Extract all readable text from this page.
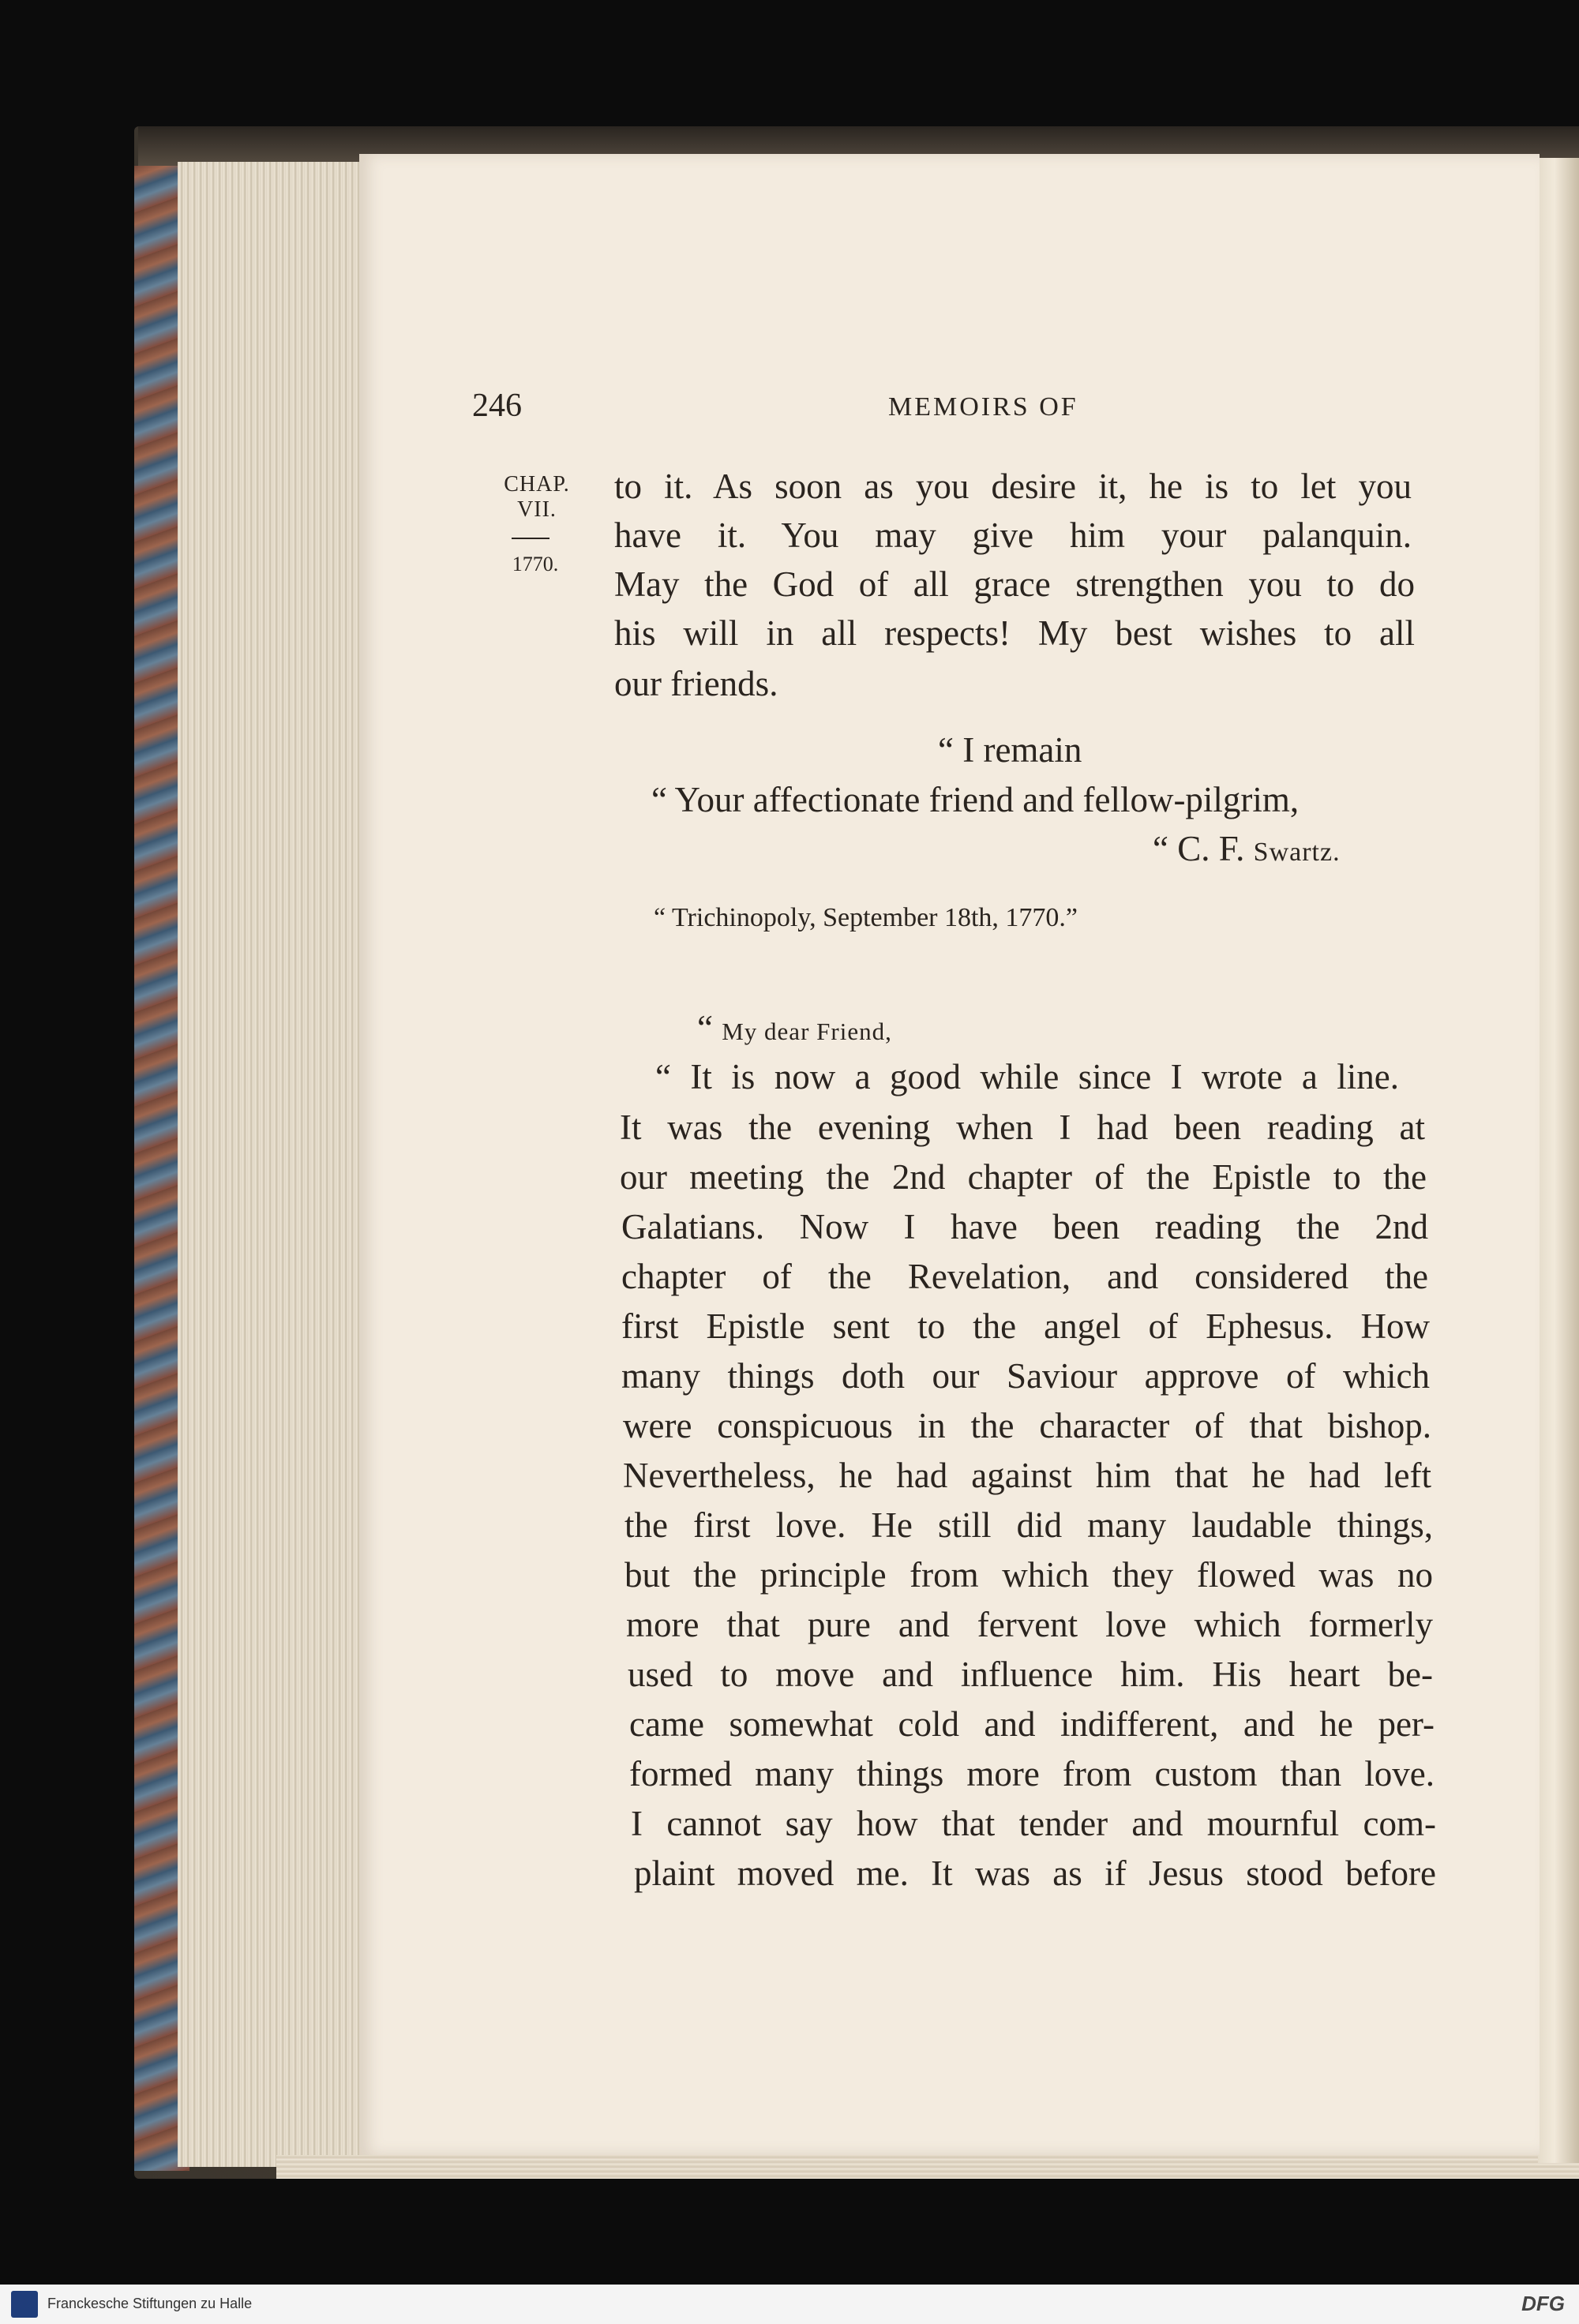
246	MEMOIRS OF
CHAP.
VII.
1770.
to it. As soon as you desire it, he is to let you
have it. You may give him your palanquin.
May the God of all grace strengthen you to do
his will in all respects! My best wishes to all
our friends.
“ I remain
“ Your affectionate friend and fellow-pilgrim,
“ C. F. Swartz.
“ Trichinopoly, September 18th, 1770.”
“ My dear Friend,
“ It is now a good while since I wrote a line.
It was the evening when I had been reading at
our meeting the 2nd chapter of the Epistle to the
Galatians. Now I have been reading the 2nd
chapter of the Revelation, and considered the
first Epistle sent to the angel of Ephesus. How
many things doth our Saviour approve of which
were conspicuous in the character of that bishop.
Nevertheless, he had against him that he had left
the first love. He still did many laudable things,
but the principle from which they flowed was no
more that pure and fervent love which formerly
used to move and influence him. His heart be-
came somewhat cold and indifferent, and he per-
formed many things more from custom than love.
I cannot say how that tender and mournful com-
plaint moved me. It was as if Jesus stood before
Franckesche Stiftungen zu Halle	DFG
